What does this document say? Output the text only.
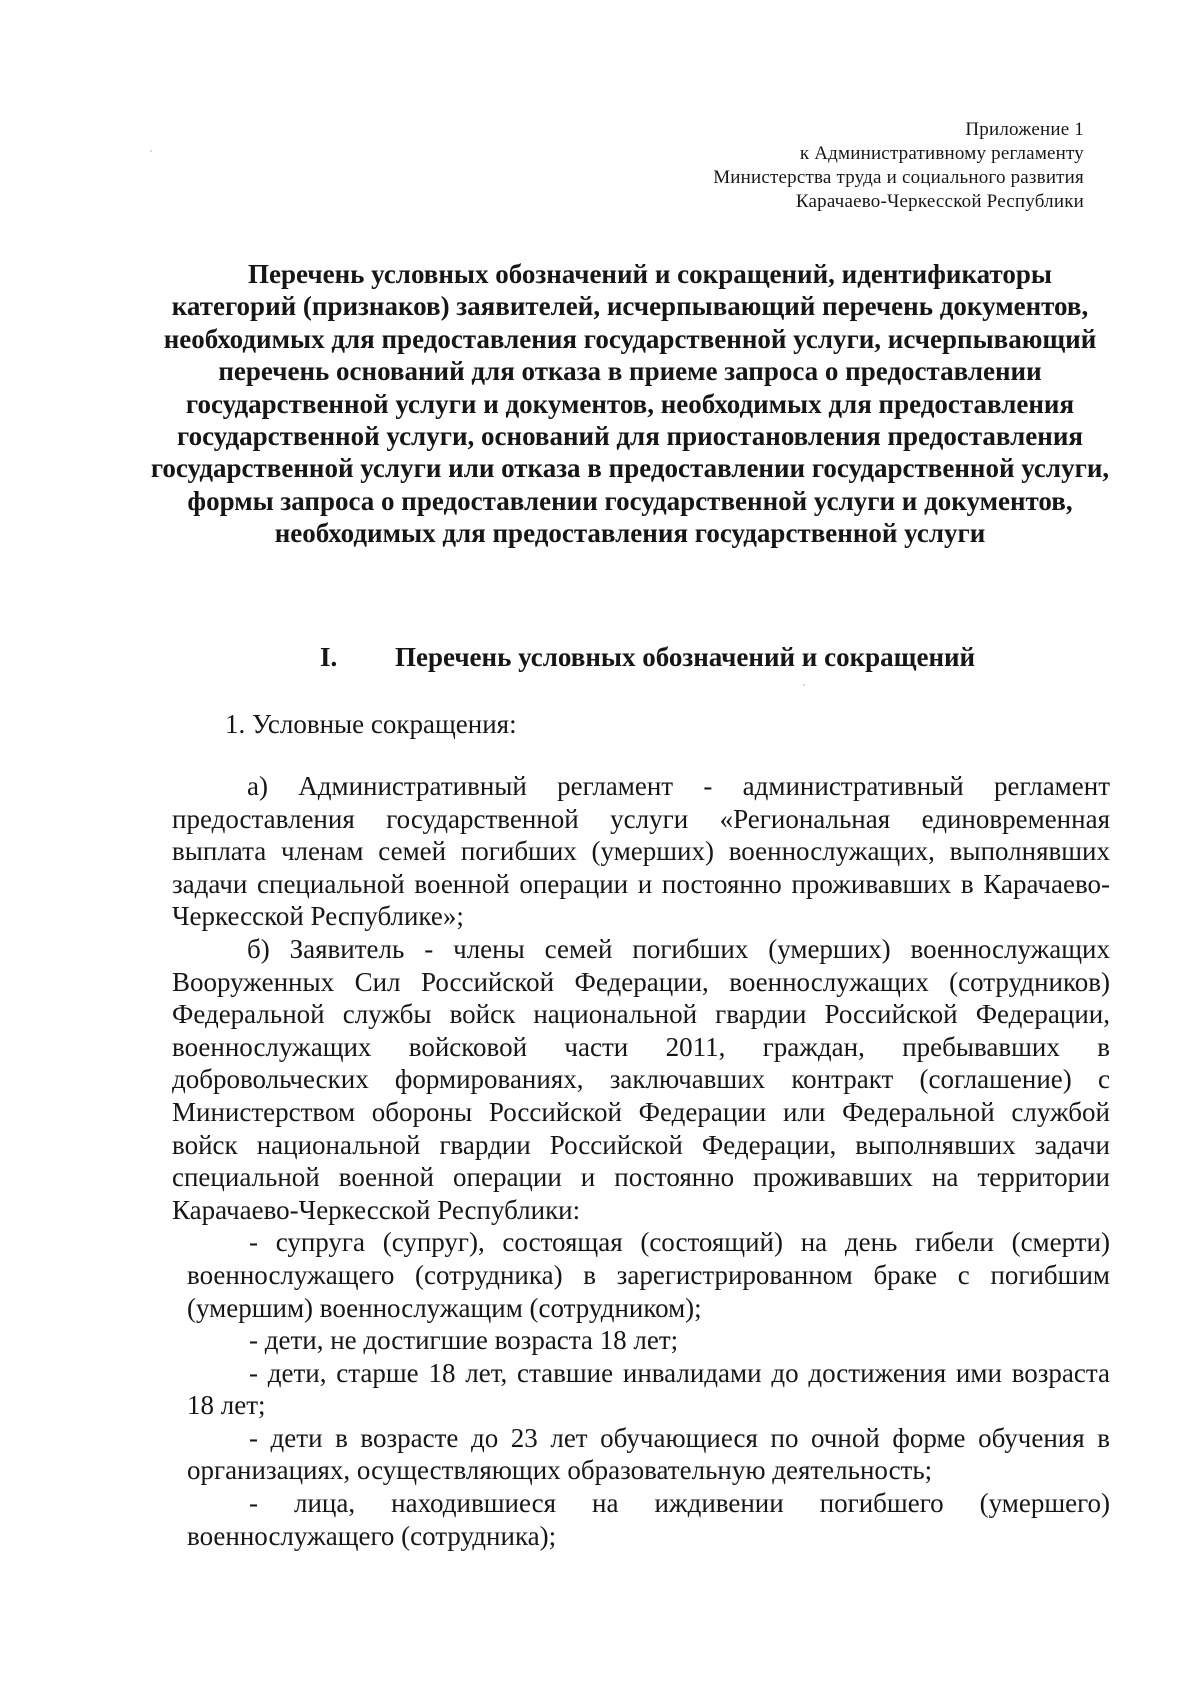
Приложение 1
к Административному регламенту
Министерства труда и социального развития
Карачаево-Черкесской Республики
Перечень условных обозначений и сокращений, идентификаторы
категорий (признаков) заявителей, исчерпывающий перечень документов, необходимых для предоставления государственной услуги, исчерпывающий перечень оснований для отказа в приеме запроса о предоставлении государственной услуги и документов, необходимых для предоставления государственной услуги, оснований для приостановления предоставления государственной услуги или отказа в предоставлении государственной услуги, формы запроса о предоставлении государственной услуги и документов, необходимых для предоставления государственной услуги
I. Перечень условных обозначений и сокращений
1. Условные сокращения:

а) Административный регламент - административный регламент предоставления государственной услуги «Региональная единовременная выплата членам семей погибших (умерших) военнослужащих, выполнявших задачи специальной военной операции и постоянно проживавших в Карачаево-Черкесской Республике»;

б) Заявитель - члены семей погибших (умерших) военнослужащих Вооруженных Сил Российской Федерации, военнослужащих (сотрудников) Федеральной службы войск национальной гвардии Российской Федерации, военнослужащих войсковой части 2011, граждан, пребывавших в добровольческих формированиях, заключавших контракт (соглашение) с Министерством обороны Российской Федерации или Федеральной службой войск национальной гвардии Российской Федерации, выполнявших задачи специальной военной операции и постоянно проживавших на территории Карачаево-Черкесской Республики:

- супруга (супруг), состоящая (состоящий) на день гибели (смерти) военнослужащего (сотрудника) в зарегистрированном браке с погибшим (умершим) военнослужащим (сотрудником);

- дети, не достигшие возраста 18 лет;

- дети, старше 18 лет, ставшие инвалидами до достижения ими возраста 18 лет;

- дети в возрасте до 23 лет обучающиеся по очной форме обучения в организациях, осуществляющих образовательную деятельность;

- лица, находившиеся на иждивении погибшего (умершего) военнослужащего (сотрудника);
